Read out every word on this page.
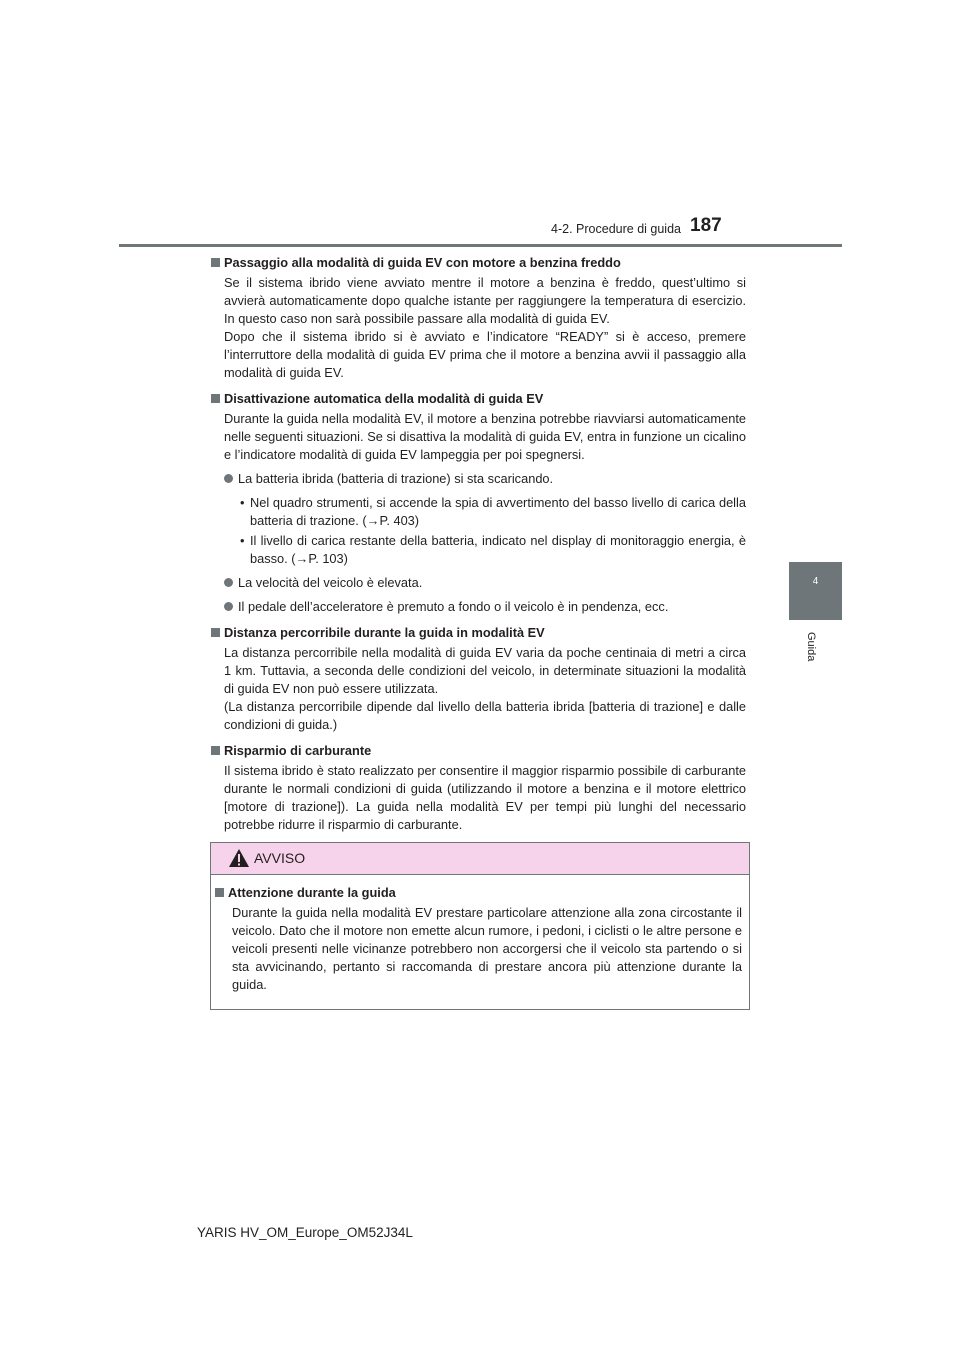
4-2. Procedure di guida 187
4
Guida
Passaggio alla modalità di guida EV con motore a benzina freddo
Se il sistema ibrido viene avviato mentre il motore a benzina è freddo, quest’ultimo si avvierà automaticamente dopo qualche istante per raggiungere la temperatura di esercizio. In questo caso non sarà possibile passare alla modalità di guida EV.
Dopo che il sistema ibrido si è avviato e l’indicatore “READY” si è acceso, premere l’interruttore della modalità di guida EV prima che il motore a benzina avvii il passaggio alla modalità di guida EV.
Disattivazione automatica della modalità di guida EV
Durante la guida nella modalità EV, il motore a benzina potrebbe riavviarsi automaticamente nelle seguenti situazioni. Se si disattiva la modalità di guida EV, entra in funzione un cicalino e l’indicatore modalità di guida EV lampeggia per poi spegnersi.
La batteria ibrida (batteria di trazione) si sta scaricando.
• Nel quadro strumenti, si accende la spia di avvertimento del basso livello di carica della batteria di trazione. (→P. 403)
• Il livello di carica restante della batteria, indicato nel display di monitoraggio energia, è basso. (→P. 103)
La velocità del veicolo è elevata.
Il pedale dell’acceleratore è premuto a fondo o il veicolo è in pendenza, ecc.
Distanza percorribile durante la guida in modalità EV
La distanza percorribile nella modalità di guida EV varia da poche centinaia di metri a circa 1 km. Tuttavia, a seconda delle condizioni del veicolo, in determinate situazioni la modalità di guida EV non può essere utilizzata.
(La distanza percorribile dipende dal livello della batteria ibrida [batteria di trazione] e dalle condizioni di guida.)
Risparmio di carburante
Il sistema ibrido è stato realizzato per consentire il maggior risparmio possibile di carburante durante le normali condizioni di guida (utilizzando il motore a benzina e il motore elettrico [motore di trazione]). La guida nella modalità EV per tempi più lunghi del necessario potrebbe ridurre il risparmio di carburante.
AVVISO
Attenzione durante la guida
Durante la guida nella modalità EV prestare particolare attenzione alla zona circostante il veicolo. Dato che il motore non emette alcun rumore, i pedoni, i ciclisti o le altre persone e veicoli presenti nelle vicinanze potrebbero non accorgersi che il veicolo sta partendo o si sta avvicinando, pertanto si raccomanda di prestare ancora più attenzione durante la guida.
YARIS HV_OM_Europe_OM52J34L
